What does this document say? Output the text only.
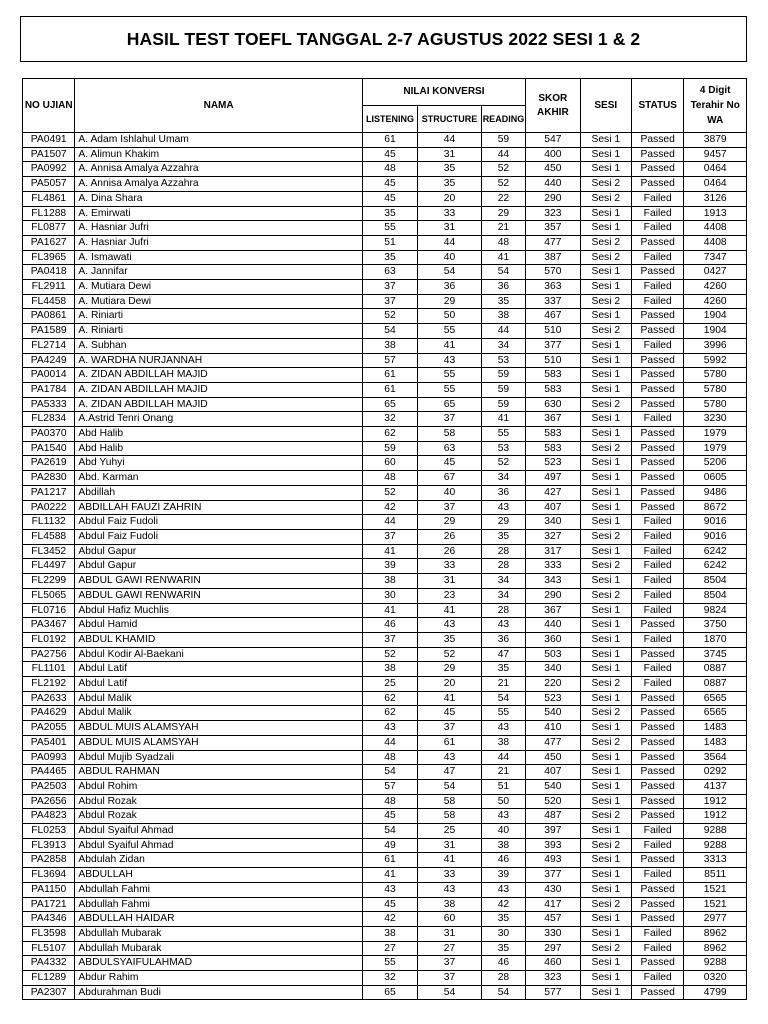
HASIL TEST TOEFL TANGGAL 2-7 AGUSTUS 2022 SESI 1 & 2
NO UJIAN	NAMA	NILAI KONVERSI			SKOR AKHIR	SESI	STATUS	4 Digit Terahir No WA
		LISTENING	STRUCTURE	READING				
PA0491	A. Adam Ishlahul Umam	61	44	59	547	Sesi 1	Passed	3879
PA1507	A. Alimun Khakim	45	31	44	400	Sesi 1	Passed	9457
PA0992	A. Annisa Amalya Azzahra	48	35	52	450	Sesi 1	Passed	0464
PA5057	A. Annisa Amalya Azzahra	45	35	52	440	Sesi 2	Passed	0464
FL4861	A. Dina Shara	45	20	22	290	Sesi 2	Failed	3126
FL1288	A. Emirwati	35	33	29	323	Sesi 1	Failed	1913
FL0877	A. Hasniar Jufri	55	31	21	357	Sesi 1	Failed	4408
PA1627	A. Hasniar Jufri	51	44	48	477	Sesi 2	Passed	4408
FL3965	A. Ismawati	35	40	41	387	Sesi 2	Failed	7347
PA0418	A. Jannifar	63	54	54	570	Sesi 1	Passed	0427
FL2911	A. Mutiara Dewi	37	36	36	363	Sesi 1	Failed	4260
FL4458	A. Mutiara Dewi	37	29	35	337	Sesi 2	Failed	4260
PA0861	A. Riniarti	52	50	38	467	Sesi 1	Passed	1904
PA1589	A. Riniarti	54	55	44	510	Sesi 2	Passed	1904
FL2714	A. Subhan	38	41	34	377	Sesi 1	Failed	3996
PA4249	A. WARDHA NURJANNAH	57	43	53	510	Sesi 1	Passed	5992
PA0014	A. ZIDAN ABDILLAH MAJID	61	55	59	583	Sesi 1	Passed	5780
PA1784	A. ZIDAN ABDILLAH MAJID	61	55	59	583	Sesi 1	Passed	5780
PA5333	A. ZIDAN ABDILLAH MAJID	65	65	59	630	Sesi 2	Passed	5780
FL2834	A.Astrid Tenri Onang	32	37	41	367	Sesi 1	Failed	3230
PA0370	Abd Halib	62	58	55	583	Sesi 1	Passed	1979
PA1540	Abd Halib	59	63	53	583	Sesi 2	Passed	1979
PA2619	Abd Yuhyi	60	45	52	523	Sesi 1	Passed	5206
PA2830	Abd. Karman	48	67	34	497	Sesi 1	Passed	0605
PA1217	Abdillah	52	40	36	427	Sesi 1	Passed	9486
PA0222	ABDILLAH FAUZI ZAHRIN	42	37	43	407	Sesi 1	Passed	8672
FL1132	Abdul Faiz Fudoli	44	29	29	340	Sesi 1	Failed	9016
FL4588	Abdul Faiz Fudoli	37	26	35	327	Sesi 2	Failed	9016
FL3452	Abdul Gapur	41	26	28	317	Sesi 1	Failed	6242
FL4497	Abdul Gapur	39	33	28	333	Sesi 2	Failed	6242
FL2299	ABDUL GAWI RENWARIN	38	31	34	343	Sesi 1	Failed	8504
FL5065	ABDUL GAWI RENWARIN	30	23	34	290	Sesi 2	Failed	8504
FL0716	Abdul Hafiz Muchlis	41	41	28	367	Sesi 1	Failed	9824
PA3467	Abdul Hamid	46	43	43	440	Sesi 1	Passed	3750
FL0192	ABDUL KHAMID	37	35	36	360	Sesi 1	Failed	1870
PA2756	Abdul Kodir Al-Baekani	52	52	47	503	Sesi 1	Passed	3745
FL1101	Abdul Latif	38	29	35	340	Sesi 1	Failed	0887
FL2192	Abdul Latif	25	20	21	220	Sesi 2	Failed	0887
PA2633	Abdul Malik	62	41	54	523	Sesi 1	Passed	6565
PA4629	Abdul Malik	62	45	55	540	Sesi 2	Passed	6565
PA2055	ABDUL MUIS ALAMSYAH	43	37	43	410	Sesi 1	Passed	1483
PA5401	ABDUL MUIS ALAMSYAH	44	61	38	477	Sesi 2	Passed	1483
PA0993	Abdul Mujib Syadzali	48	43	44	450	Sesi 1	Passed	3564
PA4465	ABDUL RAHMAN	54	47	21	407	Sesi 1	Passed	0292
PA2503	Abdul Rohim	57	54	51	540	Sesi 1	Passed	4137
PA2656	Abdul Rozak	48	58	50	520	Sesi 1	Passed	1912
PA4823	Abdul Rozak	45	58	43	487	Sesi 2	Passed	1912
FL0253	Abdul Syaiful Ahmad	54	25	40	397	Sesi 1	Failed	9288
FL3913	Abdul Syaiful Ahmad	49	31	38	393	Sesi 2	Failed	9288
PA2858	Abdulah Zidan	61	41	46	493	Sesi 1	Passed	3313
FL3694	ABDULLAH	41	33	39	377	Sesi 1	Failed	8511
PA1150	Abdullah Fahmi	43	43	43	430	Sesi 1	Passed	1521
PA1721	Abdullah Fahmi	45	38	42	417	Sesi 2	Passed	1521
PA4346	ABDULLAH HAIDAR	42	60	35	457	Sesi 1	Passed	2977
FL3598	Abdullah Mubarak	38	31	30	330	Sesi 1	Failed	8962
FL5107	Abdullah Mubarak	27	27	35	297	Sesi 2	Failed	8962
PA4332	ABDULSYAIFULAHMAD	55	37	46	460	Sesi 1	Passed	9288
FL1289	Abdur Rahim	32	37	28	323	Sesi 1	Failed	0320
PA2307	Abdurahman Budi	65	54	54	577	Sesi 1	Passed	4799
